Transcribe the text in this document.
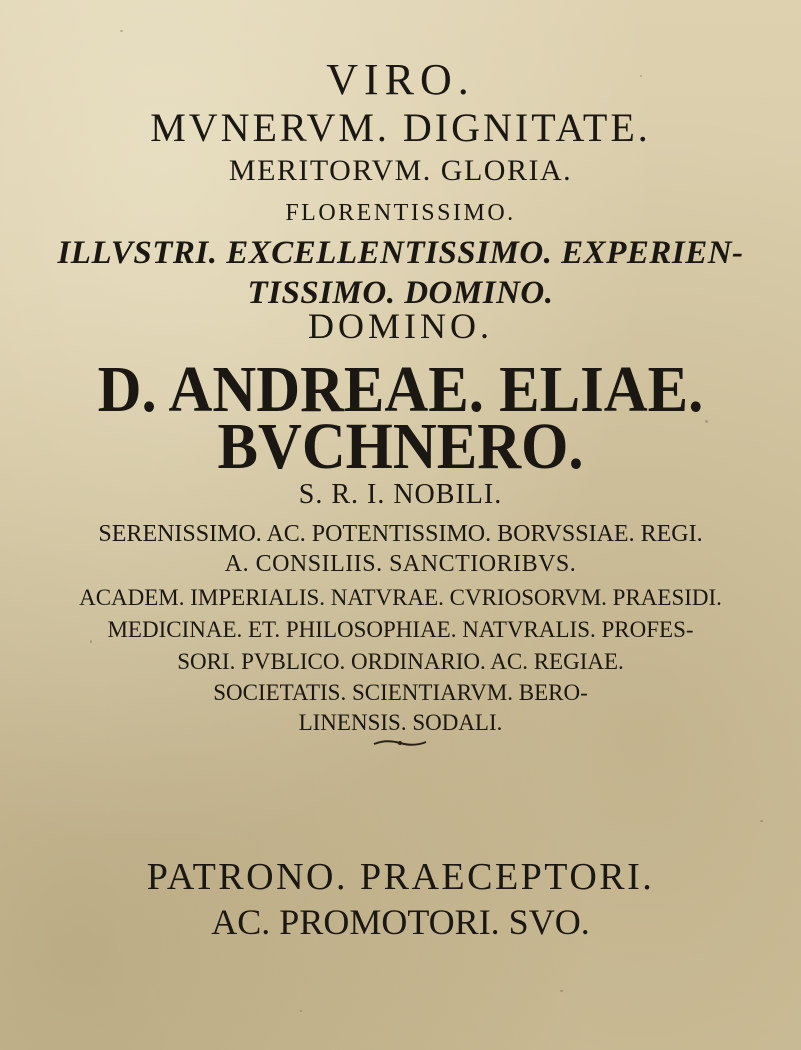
VIRO.
MVNERVM. DIGNITATE.
MERITORVM. GLORIA.
FLORENTISSIMO.
ILLVSTRI. EXCELLENTISSIMO. EXPERIEN-
TISSIMO. DOMINO.
DOMINO.
D. ANDREAE. ELIAE.
BVCHNERO.
S. R. I. NOBILI.
SERENISSIMO. AC. POTENTISSIMO. BORVSSIAE. REGI.
A. CONSILIIS. SANCTIORIBVS.
ACADEM. IMPERIALIS. NATVRAE. CVRIOSORVM. PRAESIDI.
MEDICINAE. ET. PHILOSOPHIAE. NATVRALIS. PROFES-
SORI. PVBLICO. ORDINARIO. AC. REGIAE.
SOCIETATIS. SCIENTIARVM. BERO-
LINENSIS. SODALI.
PATRONO. PRAECEPTORI.
AC. PROMOTORI. SVO.
